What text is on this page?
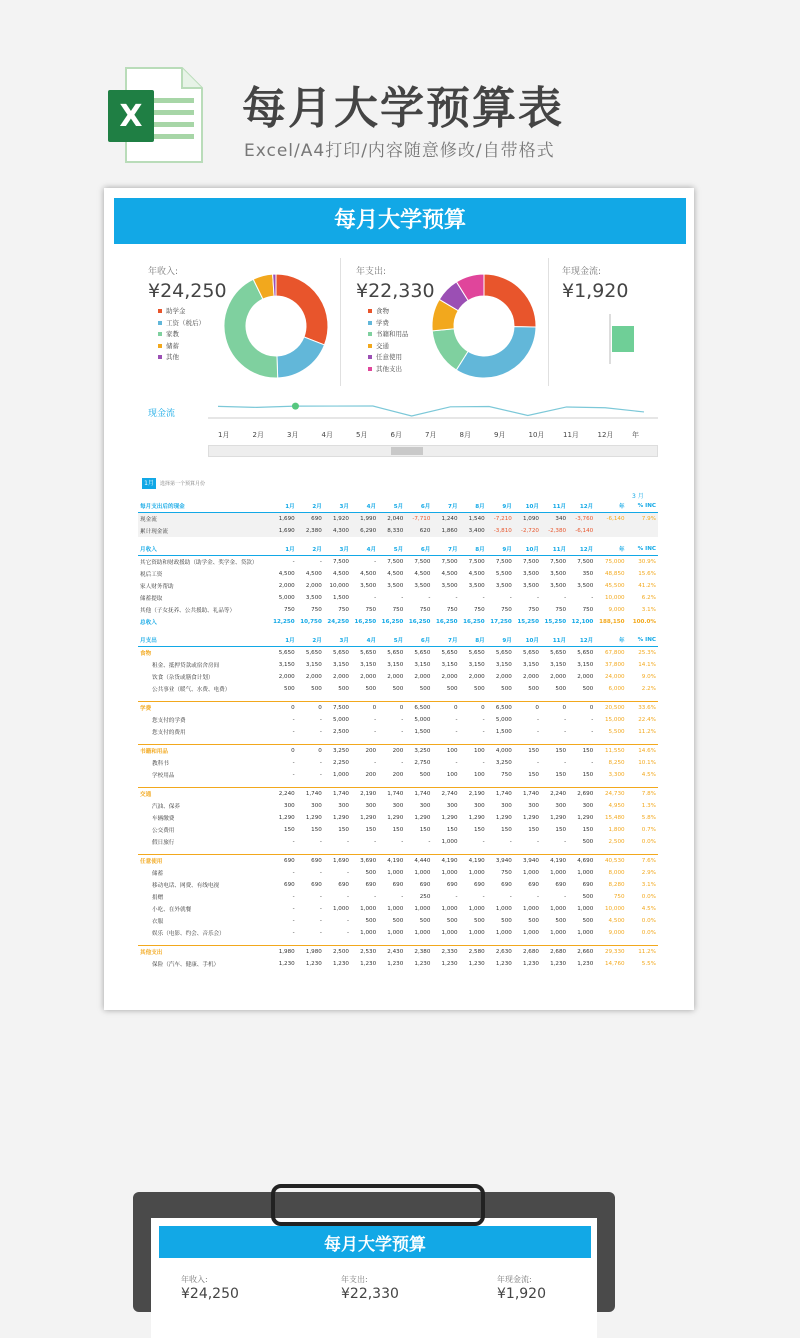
X 每月大学预算表
Excel/A4打印/内容随意修改/自带格式
每月大学预算
年收入:
¥24,250
年支出:
¥22,330
年现金流:
¥1,920
助学金
工资（税后）
家教
储蓄
其他
食物
学费
书籍和用品
交通
任意使用
其他支出
现金流
1月	2月	3月	4月	5月	6月	7月	8月	9月	10月	11月	12月	年
1月	选择第一个预算月份
3 月
每月支出后的现金	1月	2月	3月	4月	5月	6月	7月	8月	9月	10月	11月	12月	年	% INC
现金流	1,690	690	1,920	1,990	2,040	-7,710	1,240	1,540	-7,210	1,090	340	-3,760	-6,140	7.9%
累计现金流	1,690	2,380	4,300	6,290	8,330	620	1,860	3,400	-3,810	-2,720	-2,380	-6,140		

月收入	1月	2月	3月	4月	5月	6月	7月	8月	9月	10月	11月	12月	年	% INC
其它资助和财政援助（助学金、奖学金、贷款）	-	-	7,500	-	7,500	7,500	7,500	7,500	7,500	7,500	7,500	7,500	75,000	30.9%
税后工资	4,500	4,500	4,500	4,500	4,500	4,500	4,500	4,500	5,500	3,500	3,500	350	48,850	15.6%
家人财务帮助	2,000	2,000	10,000	3,500	3,500	3,500	3,500	3,500	3,500	3,500	3,500	3,500	45,500	41.2%
储蓄提取	5,000	3,500	1,500	-	-	-	-	-	-	-	-	-	10,000	6.2%
其他（子女抚养、公共援助、礼品等）	750	750	750	750	750	750	750	750	750	750	750	750	9,000	3.1%
总收入	12,250	10,750	24,250	16,250	16,250	16,250	16,250	16,250	17,250	15,250	15,250	12,100	188,150	100.0%

月支出	1月	2月	3月	4月	5月	6月	7月	8月	9月	10月	11月	12月	年	% INC
食物	5,650	5,650	5,650	5,650	5,650	5,650	5,650	5,650	5,650	5,650	5,650	5,650	67,800	25.3%
租金、抵押贷款或宿舍房间	3,150	3,150	3,150	3,150	3,150	3,150	3,150	3,150	3,150	3,150	3,150	3,150	37,800	14.1%
饮食（杂货或膳食计划）	2,000	2,000	2,000	2,000	2,000	2,000	2,000	2,000	2,000	2,000	2,000	2,000	24,000	9.0%
公共事业（暖气、水费、电费）	500	500	500	500	500	500	500	500	500	500	500	500	6,000	2.2%

学费	0	0	7,500	0	0	6,500	0	0	6,500	0	0	0	20,500	33.6%
您支付的学费	-	-	5,000	-	-	5,000	-	-	5,000	-	-	-	15,000	22.4%
您支付的费用	-	-	2,500	-	-	1,500	-	-	1,500	-	-	-	5,500	11.2%

书籍和用品	0	0	3,250	200	200	3,250	100	100	4,000	150	150	150	11,550	14.6%
教科书	-	-	2,250	-	-	2,750	-	-	3,250	-	-	-	8,250	10.1%
学校用品	-	-	1,000	200	200	500	100	100	750	150	150	150	3,300	4.5%

交通	2,240	1,740	1,740	2,190	1,740	1,740	2,740	2,190	1,740	1,740	2,240	2,690	24,730	7.8%
汽油、保养	300	300	300	300	300	300	300	300	300	300	300	300	4,950	1.3%
车辆缴费	1,290	1,290	1,290	1,290	1,290	1,290	1,290	1,290	1,290	1,290	1,290	1,290	15,480	5.8%
公交费用	150	150	150	150	150	150	150	150	150	150	150	150	1,800	0.7%
假日旅行	-	-	-	-	-	-	1,000	-	-	-	-	500	2,500	0.0%

任意使用	690	690	1,690	3,690	4,190	4,440	4,190	4,190	3,940	3,940	4,190	4,690	40,530	7.6%
储蓄	-	-	-	500	1,000	1,000	1,000	1,000	750	1,000	1,000	1,000	8,000	2.9%
移动电话、网费、有线电视	690	690	690	690	690	690	690	690	690	690	690	690	8,280	3.1%
捐赠	-	-	-	-	-	250	-	-	-	-	-	500	750	0.0%
小吃、在外就餐	-	-	1,000	1,000	1,000	1,000	1,000	1,000	1,000	1,000	1,000	1,000	10,000	4.5%
衣服	-	-	-	500	500	500	500	500	500	500	500	500	4,500	0.0%
娱乐（电影、约会、音乐会）	-	-	-	1,000	1,000	1,000	1,000	1,000	1,000	1,000	1,000	1,000	9,000	0.0%

其他支出	1,980	1,980	2,500	2,530	2,430	2,380	2,330	2,580	2,630	2,680	2,680	2,660	29,330	11.2%
保险（汽车、健康、手机）	1,230	1,230	1,230	1,230	1,230	1,230	1,230	1,230	1,230	1,230	1,230	1,230	14,760	5.5%
每月大学预算
年收入:
¥24,250
年支出:
¥22,330
年现金流:
¥1,920
